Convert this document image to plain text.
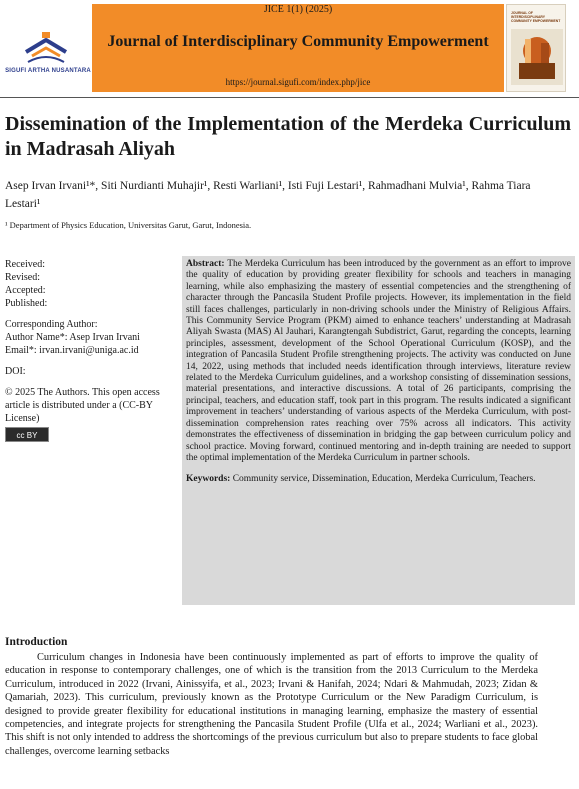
SIGUFI ARTHA NUSANTARA
JICE 1(1) (2025)
Journal of Interdisciplinary Community Empowerment
https://journal.sigufi.com/index.php/jice
JOURNAL OF INTERDISCIPLINARY COMMUNITY EMPOWERMENT
Dissemination of the Implementation of the Merdeka Curriculum in Madrasah Aliyah
Asep Irvan Irvani¹*, Siti Nurdianti Muhajir¹, Resti Warliani¹, Isti Fuji Lestari¹, Rahmadhani Mulvia¹, Rahma Tiara Lestari¹
¹ Department of Physics Education, Universitas Garut, Garut, Indonesia.
Received:
Revised:
Accepted:
Published:
Corresponding Author:
Author Name*: Asep Irvan Irvani
Email*: irvan.irvani@uniga.ac.id
DOI:
© 2025 The Authors. This open access article is distributed under a (CC-BY License)
cc BY
Abstract: The Merdeka Curriculum has been introduced by the government as an effort to improve the quality of education by providing greater flexibility for schools and teachers in managing learning, while also emphasizing the mastery of essential competencies and the strengthening of character through the Pancasila Student Profile projects. However, its implementation in the field still faces challenges, particularly in non-driving schools under the Ministry of Religious Affairs. This Community Service Program (PKM) aimed to enhance teachers’ understanding at Madrasah Aliyah Swasta (MAS) Al Jauhari, Karangtengah Subdistrict, Garut, regarding the concepts, learning principles, assessment, development of the School Operational Curriculum (KOSP), and the integration of Pancasila Student Profile strengthening projects. The activity was conducted on June 14, 2022, using methods that included needs identification through interviews, literature review related to the Merdeka Curriculum guidelines, and a workshop consisting of dissemination sessions, material presentations, and interactive discussions. A total of 26 participants, comprising the principal, teachers, and education staff, took part in this program. The results indicated a significant improvement in teachers’ understanding of various aspects of the Merdeka Curriculum, with post-dissemination comprehension rates reaching over 75% across all indicators. This activity demonstrates the effectiveness of dissemination in bridging the gap between curriculum policy and school practice. Moving forward, continued mentoring and in-depth training are needed to support the optimal implementation of the Merdeka Curriculum in partner schools.
Keywords: Community service, Dissemination, Education, Merdeka Curriculum, Teachers.
Introduction
Curriculum changes in Indonesia have been continuously implemented as part of efforts to improve the quality of education in response to contemporary challenges, one of which is the transition from the 2013 Curriculum to the Merdeka Curriculum, introduced in 2022 (Irvani, Ainissyifa, et al., 2023; Irvani & Hanifah, 2024; Ndari & Mahmudah, 2023; Zidan & Qamariah, 2023). This curriculum, previously known as the Prototype Curriculum or the New Paradigm Curriculum, is designed to provide greater flexibility for educational institutions in managing learning, emphasize the mastery of essential competencies, and integrate projects for strengthening the Pancasila Student Profile (Ulfa et al., 2024; Warliani et al., 2023). This shift is not only intended to address the shortcomings of the previous curriculum but also to prepare students to face global challenges, overcome learning setbacks
